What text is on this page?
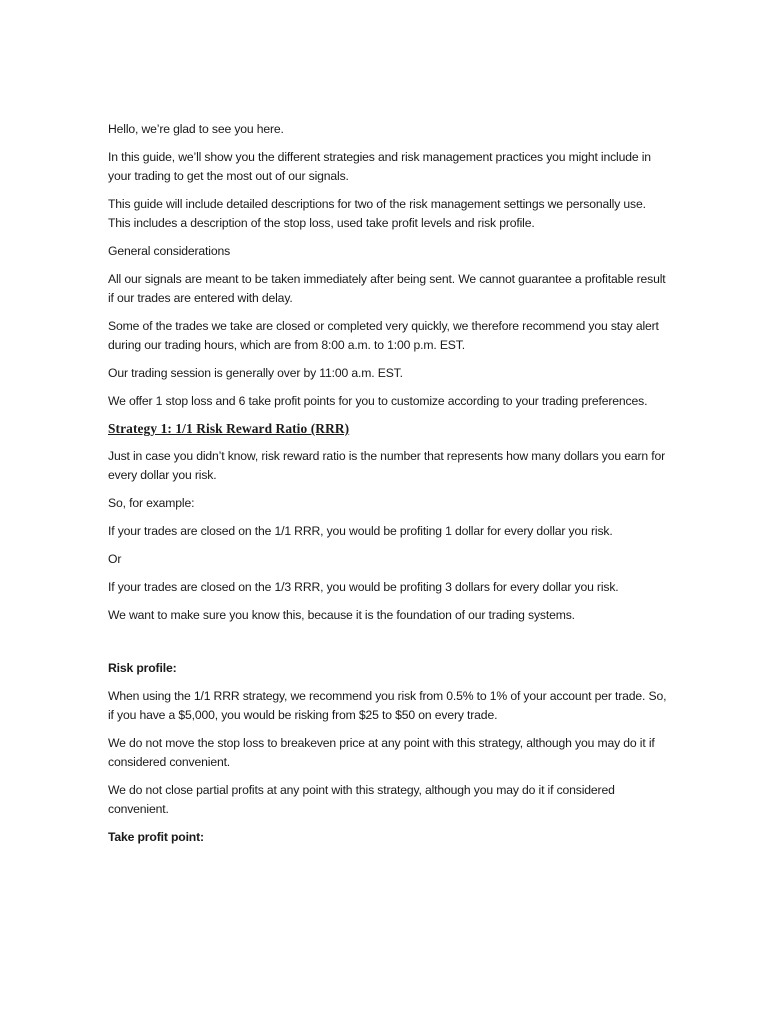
Hello, we’re glad to see you here.

In this guide, we’ll show you the different strategies and risk management practices you might include in your trading to get the most out of our signals.

This guide will include detailed descriptions for two of the risk management settings we personally use. This includes a description of the stop loss, used take profit levels and risk profile.

General considerations

All our signals are meant to be taken immediately after being sent. We cannot guarantee a profitable result if our trades are entered with delay.

Some of the trades we take are closed or completed very quickly, we therefore recommend you stay alert during our trading hours, which are from 8:00 a.m. to 1:00 p.m. EST.

Our trading session is generally over by 11:00 a.m. EST.

We offer 1 stop loss and 6 take profit points for you to customize according to your trading preferences.

Strategy 1: 1/1 Risk Reward Ratio (RRR)

Just in case you didn’t know, risk reward ratio is the number that represents how many dollars you earn for every dollar you risk.

So, for example:

If your trades are closed on the 1/1 RRR, you would be profiting 1 dollar for every dollar you risk.

Or

If your trades are closed on the 1/3 RRR, you would be profiting 3 dollars for every dollar you risk.

We want to make sure you know this, because it is the foundation of our trading systems.

Risk profile:

When using the 1/1 RRR strategy, we recommend you risk from 0.5% to 1% of your account per trade. So, if you have a $5,000, you would be risking from $25 to $50 on every trade.

We do not move the stop loss to breakeven price at any point with this strategy, although you may do it if considered convenient.

We do not close partial profits at any point with this strategy, although you may do it if considered convenient.

Take profit point:
